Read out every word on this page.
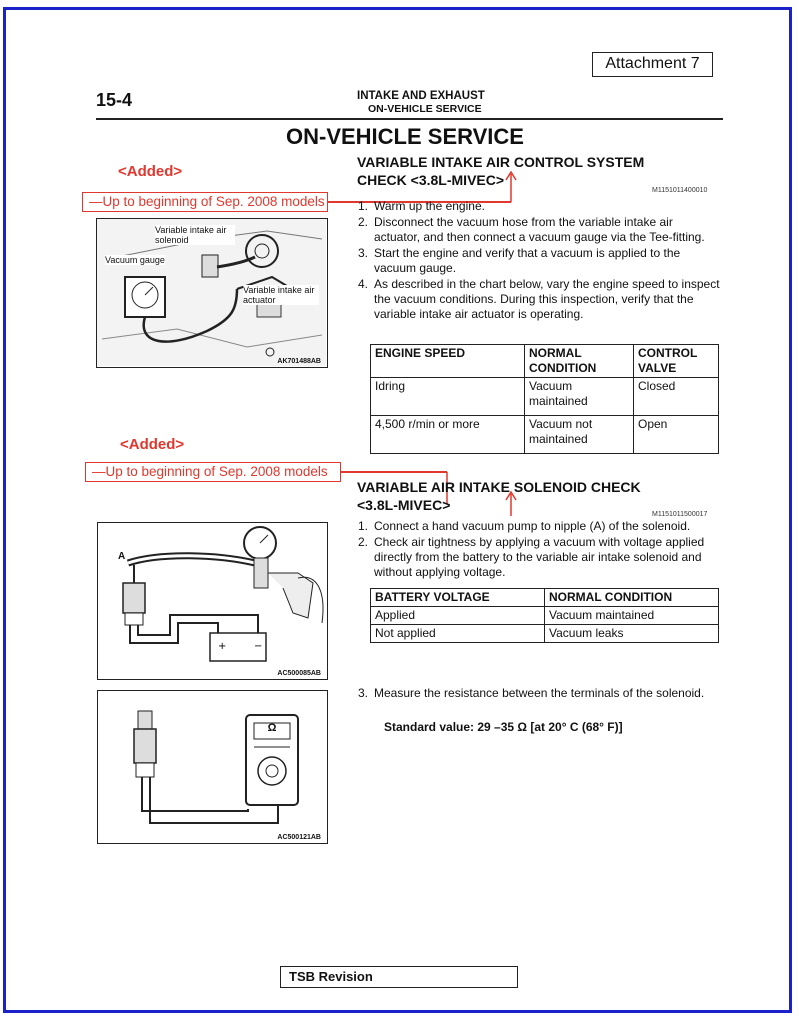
Attachment 7
15-4	INTAKE AND EXHAUST
ON-VEHICLE SERVICE
ON-VEHICLE SERVICE
<Added>
—Up to beginning of Sep. 2008 models
VARIABLE INTAKE AIR CONTROL SYSTEM
CHECK <3.8L-MIVEC>
M1151011400010
1. Warm up the engine.
2. Disconnect the vacuum hose from the variable intake air actuator, and then connect a vacuum gauge via the Tee-fitting.
3. Start the engine and verify that a vacuum is applied to the vacuum gauge.
4. As described in the chart below, vary the engine speed to inspect the vacuum conditions. During this inspection, verify that the variable intake air actuator is operating.
ENGINE SPEED	NORMAL CONDITION	CONTROL VALVE
Idring	Vacuum maintained	Closed
4,500 r/min or more	Vacuum not maintained	Open
Variable intake air solenoid
Vacuum gauge
Variable intake air actuator
AK701488AB
<Added>
—Up to beginning of Sep. 2008 models
VARIABLE AIR INTAKE SOLENOID CHECK
<3.8L-MIVEC>
M1151011500017
1. Connect a hand vacuum pump to nipple (A) of the solenoid.
2. Check air tightness by applying a vacuum with voltage applied directly from the battery to the variable air intake solenoid and without applying voltage.
BATTERY VOLTAGE	NORMAL CONDITION
Applied	Vacuum maintained
Not applied	Vacuum leaks
3. Measure the resistance between the terminals of the solenoid.
Standard value: 29 –35 Ω [at 20° C (68° F)]
+	−
A
AC500085AB
Ω
AC500121AB
TSB Revision
